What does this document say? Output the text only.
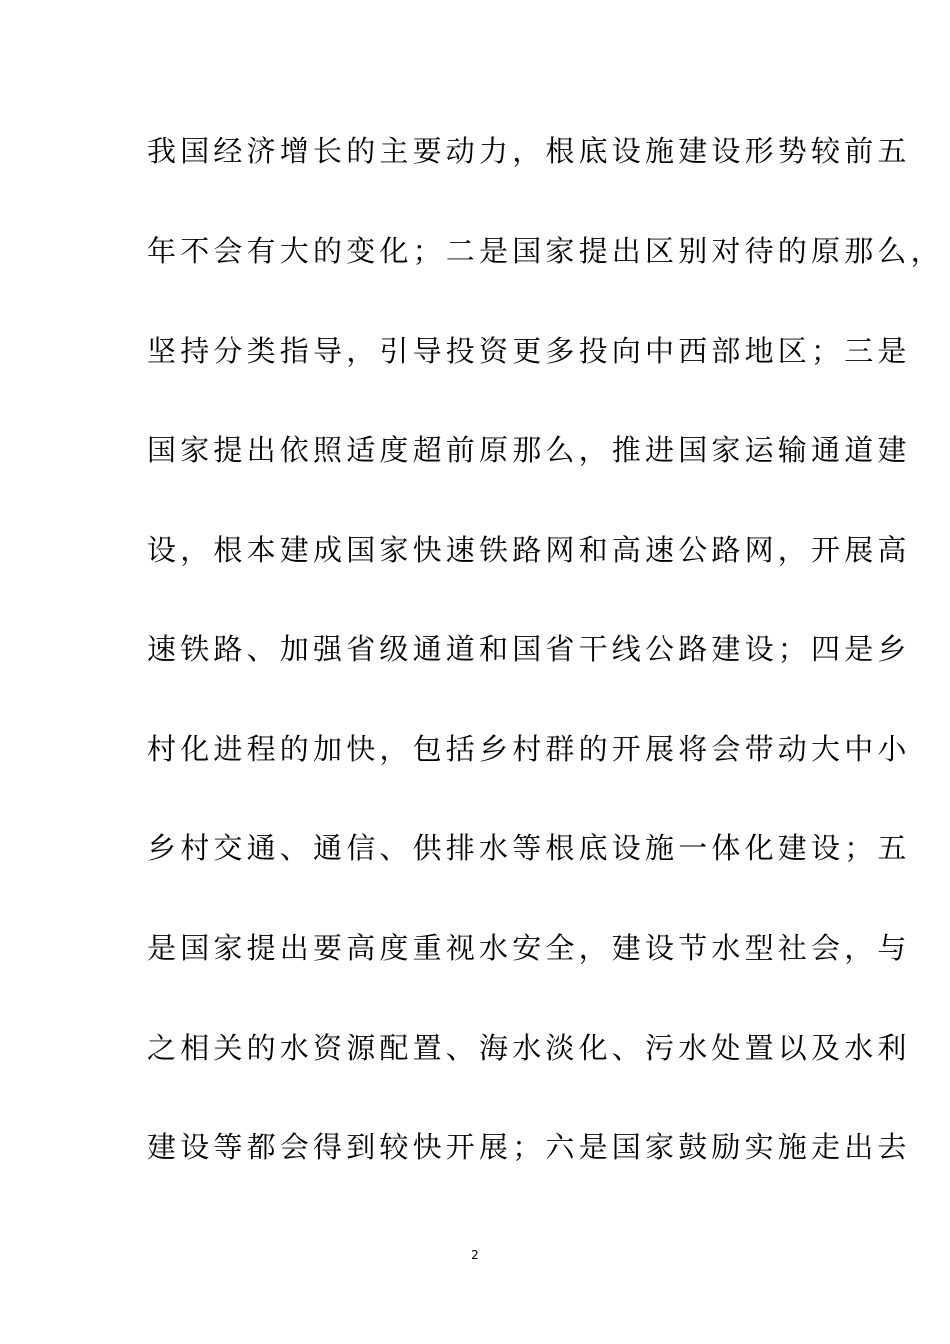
我国经济增长的主要动力，根底设施建设形势较前五
年不会有大的变化；二是国家提出区别对待的原那么，
坚持分类指导，引导投资更多投向中西部地区；三是
国家提出依照适度超前原那么，推进国家运输通道建
设，根本建成国家快速铁路网和高速公路网，开展高
速铁路、加强省级通道和国省干线公路建设；四是乡
村化进程的加快，包括乡村群的开展将会带动大中小
乡村交通、通信、供排水等根底设施一体化建设；五
是国家提出要高度重视水安全，建设节水型社会，与
之相关的水资源配置、海水淡化、污水处置以及水利
建设等都会得到较快开展；六是国家鼓励实施走出去
2
